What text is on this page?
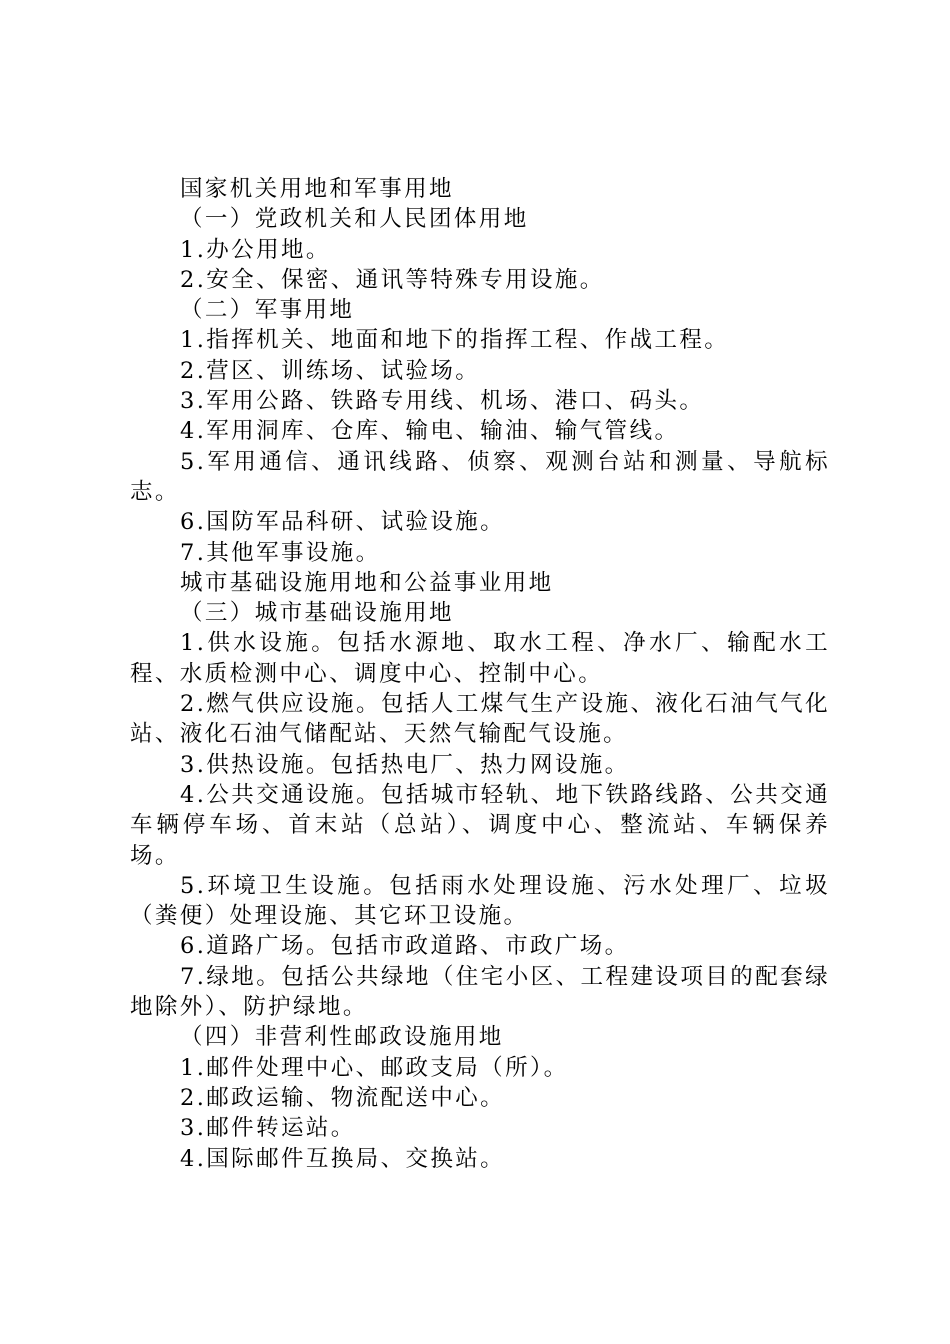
国家机关用地和军事用地

（一）党政机关和人民团体用地

1.办公用地。

2.安全、保密、通讯等特殊专用设施。

（二）军事用地

1.指挥机关、地面和地下的指挥工程、作战工程。

2.营区、训练场、试验场。

3.军用公路、铁路专用线、机场、港口、码头。

4.军用洞库、仓库、输电、输油、输气管线。

5.军用通信、通讯线路、侦察、观测台站和测量、导航标志。

6.国防军品科研、试验设施。

7.其他军事设施。

城市基础设施用地和公益事业用地

（三）城市基础设施用地

1.供水设施。包括水源地、取水工程、净水厂、输配水工程、水质检测中心、调度中心、控制中心。

2.燃气供应设施。包括人工煤气生产设施、液化石油气气化站、液化石油气储配站、天然气输配气设施。

3.供热设施。包括热电厂、热力网设施。

4.公共交通设施。包括城市轻轨、地下铁路线路、公共交通车辆停车场、首末站（总站）、调度中心、整流站、车辆保养场。

5.环境卫生设施。包括雨水处理设施、污水处理厂、垃圾（粪便）处理设施、其它环卫设施。

6.道路广场。包括市政道路、市政广场。

7.绿地。包括公共绿地（住宅小区、工程建设项目的配套绿地除外）、防护绿地。

（四）非营利性邮政设施用地

1.邮件处理中心、邮政支局（所）。

2.邮政运输、物流配送中心。

3.邮件转运站。

4.国际邮件互换局、交换站。
